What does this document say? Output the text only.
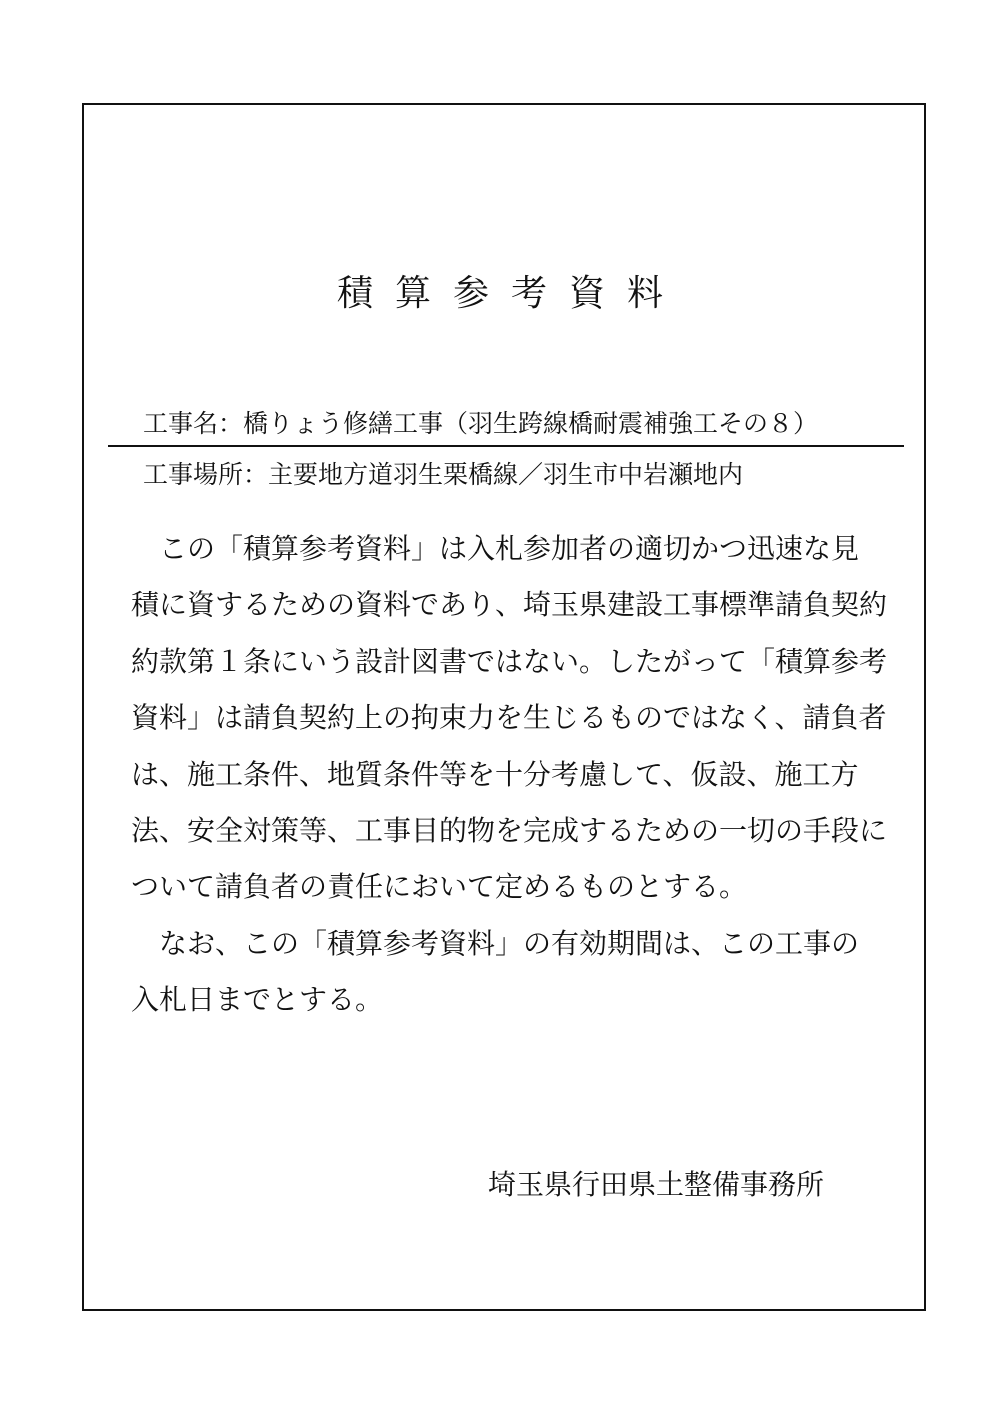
積算参考資料
工事名：橋りょう修繕工事（羽生跨線橋耐震補強工その８）
工事場所：主要地方道羽生栗橋線／羽生市中岩瀬地内

　この「積算参考資料」は入札参加者の適切かつ迅速な見
積に資するための資料であり、埼玉県建設工事標準請負契約
約款第１条にいう設計図書ではない。したがって「積算参考
資料」は請負契約上の拘束力を生じるものではなく、請負者
は、施工条件、地質条件等を十分考慮して、仮設、施工方
法、安全対策等、工事目的物を完成するための一切の手段に
ついて請負者の責任において定めるものとする。

　なお、この「積算参考資料」の有効期間は、この工事の
入札日までとする。

埼玉県行田県土整備事務所
